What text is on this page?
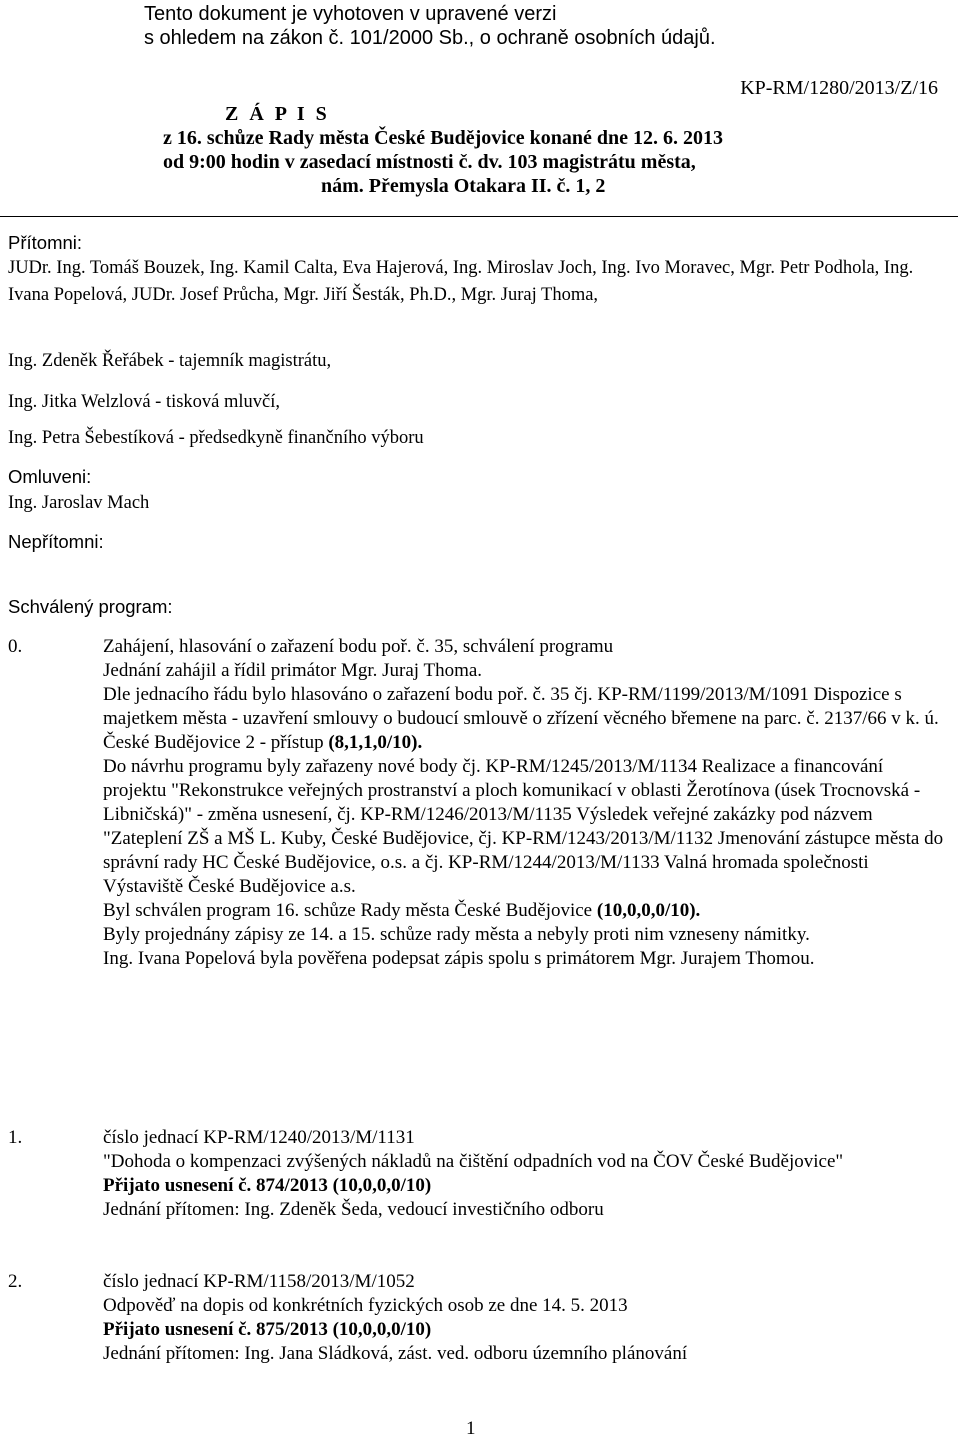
Tento dokument je vyhotoven v upravené verzi
s ohledem na zákon č. 101/2000 Sb., o ochraně osobních údajů.
KP-RM/1280/2013/Z/16
Z Á P I S
z 16. schůze Rady města České Budějovice konané dne 12. 6. 2013
od 9:00 hodin v zasedací místnosti č. dv. 103 magistrátu města,
nám. Přemysla Otakara II. č. 1, 2
Přítomni:
JUDr. Ing. Tomáš Bouzek, Ing. Kamil Calta, Eva Hajerová, Ing. Miroslav Joch, Ing. Ivo Moravec, Mgr. Petr Podhola, Ing. Ivana Popelová, JUDr. Josef Průcha, Mgr. Jiří Šesták, Ph.D., Mgr. Juraj Thoma,
Ing. Zdeněk Řeřábek - tajemník magistrátu,
Ing. Jitka Welzlová - tisková mluvčí,
Ing. Petra Šebestíková - předsedkyně finančního výboru
Omluveni:
Ing. Jaroslav Mach
Nepřítomni:
Schválený program:
0.	Zahájení, hlasování o zařazení bodu poř. č. 35, schválení programu

Jednání zahájil a řídil primátor Mgr. Juraj Thoma.

Dle jednacího řádu bylo hlasováno o zařazení bodu poř. č. 35 čj. KP-RM/1199/2013/M/1091 Dispozice s majetkem města - uzavření smlouvy o budoucí smlouvě o zřízení věcného břemene na parc. č. 2137/66 v k. ú. České Budějovice 2 - přístup (8,1,1,0/10).

Do návrhu programu byly zařazeny nové body čj. KP-RM/1245/2013/M/1134 Realizace a financování projektu "Rekonstrukce veřejných prostranství a ploch komunikací v oblasti Žerotínova (úsek Trocnovská - Libničská)" - změna usnesení, čj. KP-RM/1246/2013/M/1135 Výsledek veřejné zakázky pod názvem "Zateplení ZŠ a MŠ L. Kuby, České Budějovice, čj. KP-RM/1243/2013/M/1132 Jmenování zástupce města do správní rady HC České Budějovice, o.s. a čj. KP-RM/1244/2013/M/1133 Valná hromada společnosti Výstaviště České Budějovice a.s.

Byl schválen program 16. schůze Rady města České Budějovice (10,0,0,0/10).

Byly projednány zápisy ze 14. a 15. schůze rady města a nebyly proti nim vzneseny námitky.

Ing. Ivana Popelová byla pověřena podepsat zápis spolu s primátorem Mgr. Jurajem Thomou.

1.	číslo jednací KP-RM/1240/2013/M/1131

"Dohoda o kompenzaci zvýšených nákladů na čištění odpadních vod na ČOV České Budějovice"

Přijato usnesení č. 874/2013 (10,0,0,0/10)

Jednání přítomen: Ing. Zdeněk Šeda, vedoucí investičního odboru

2.	číslo jednací KP-RM/1158/2013/M/1052

Odpověď na dopis od konkrétních fyzických osob ze dne 14. 5. 2013

Přijato usnesení č. 875/2013 (10,0,0,0/10)

Jednání přítomen: Ing. Jana Sládková, zást. ved. odboru územního plánování

1
